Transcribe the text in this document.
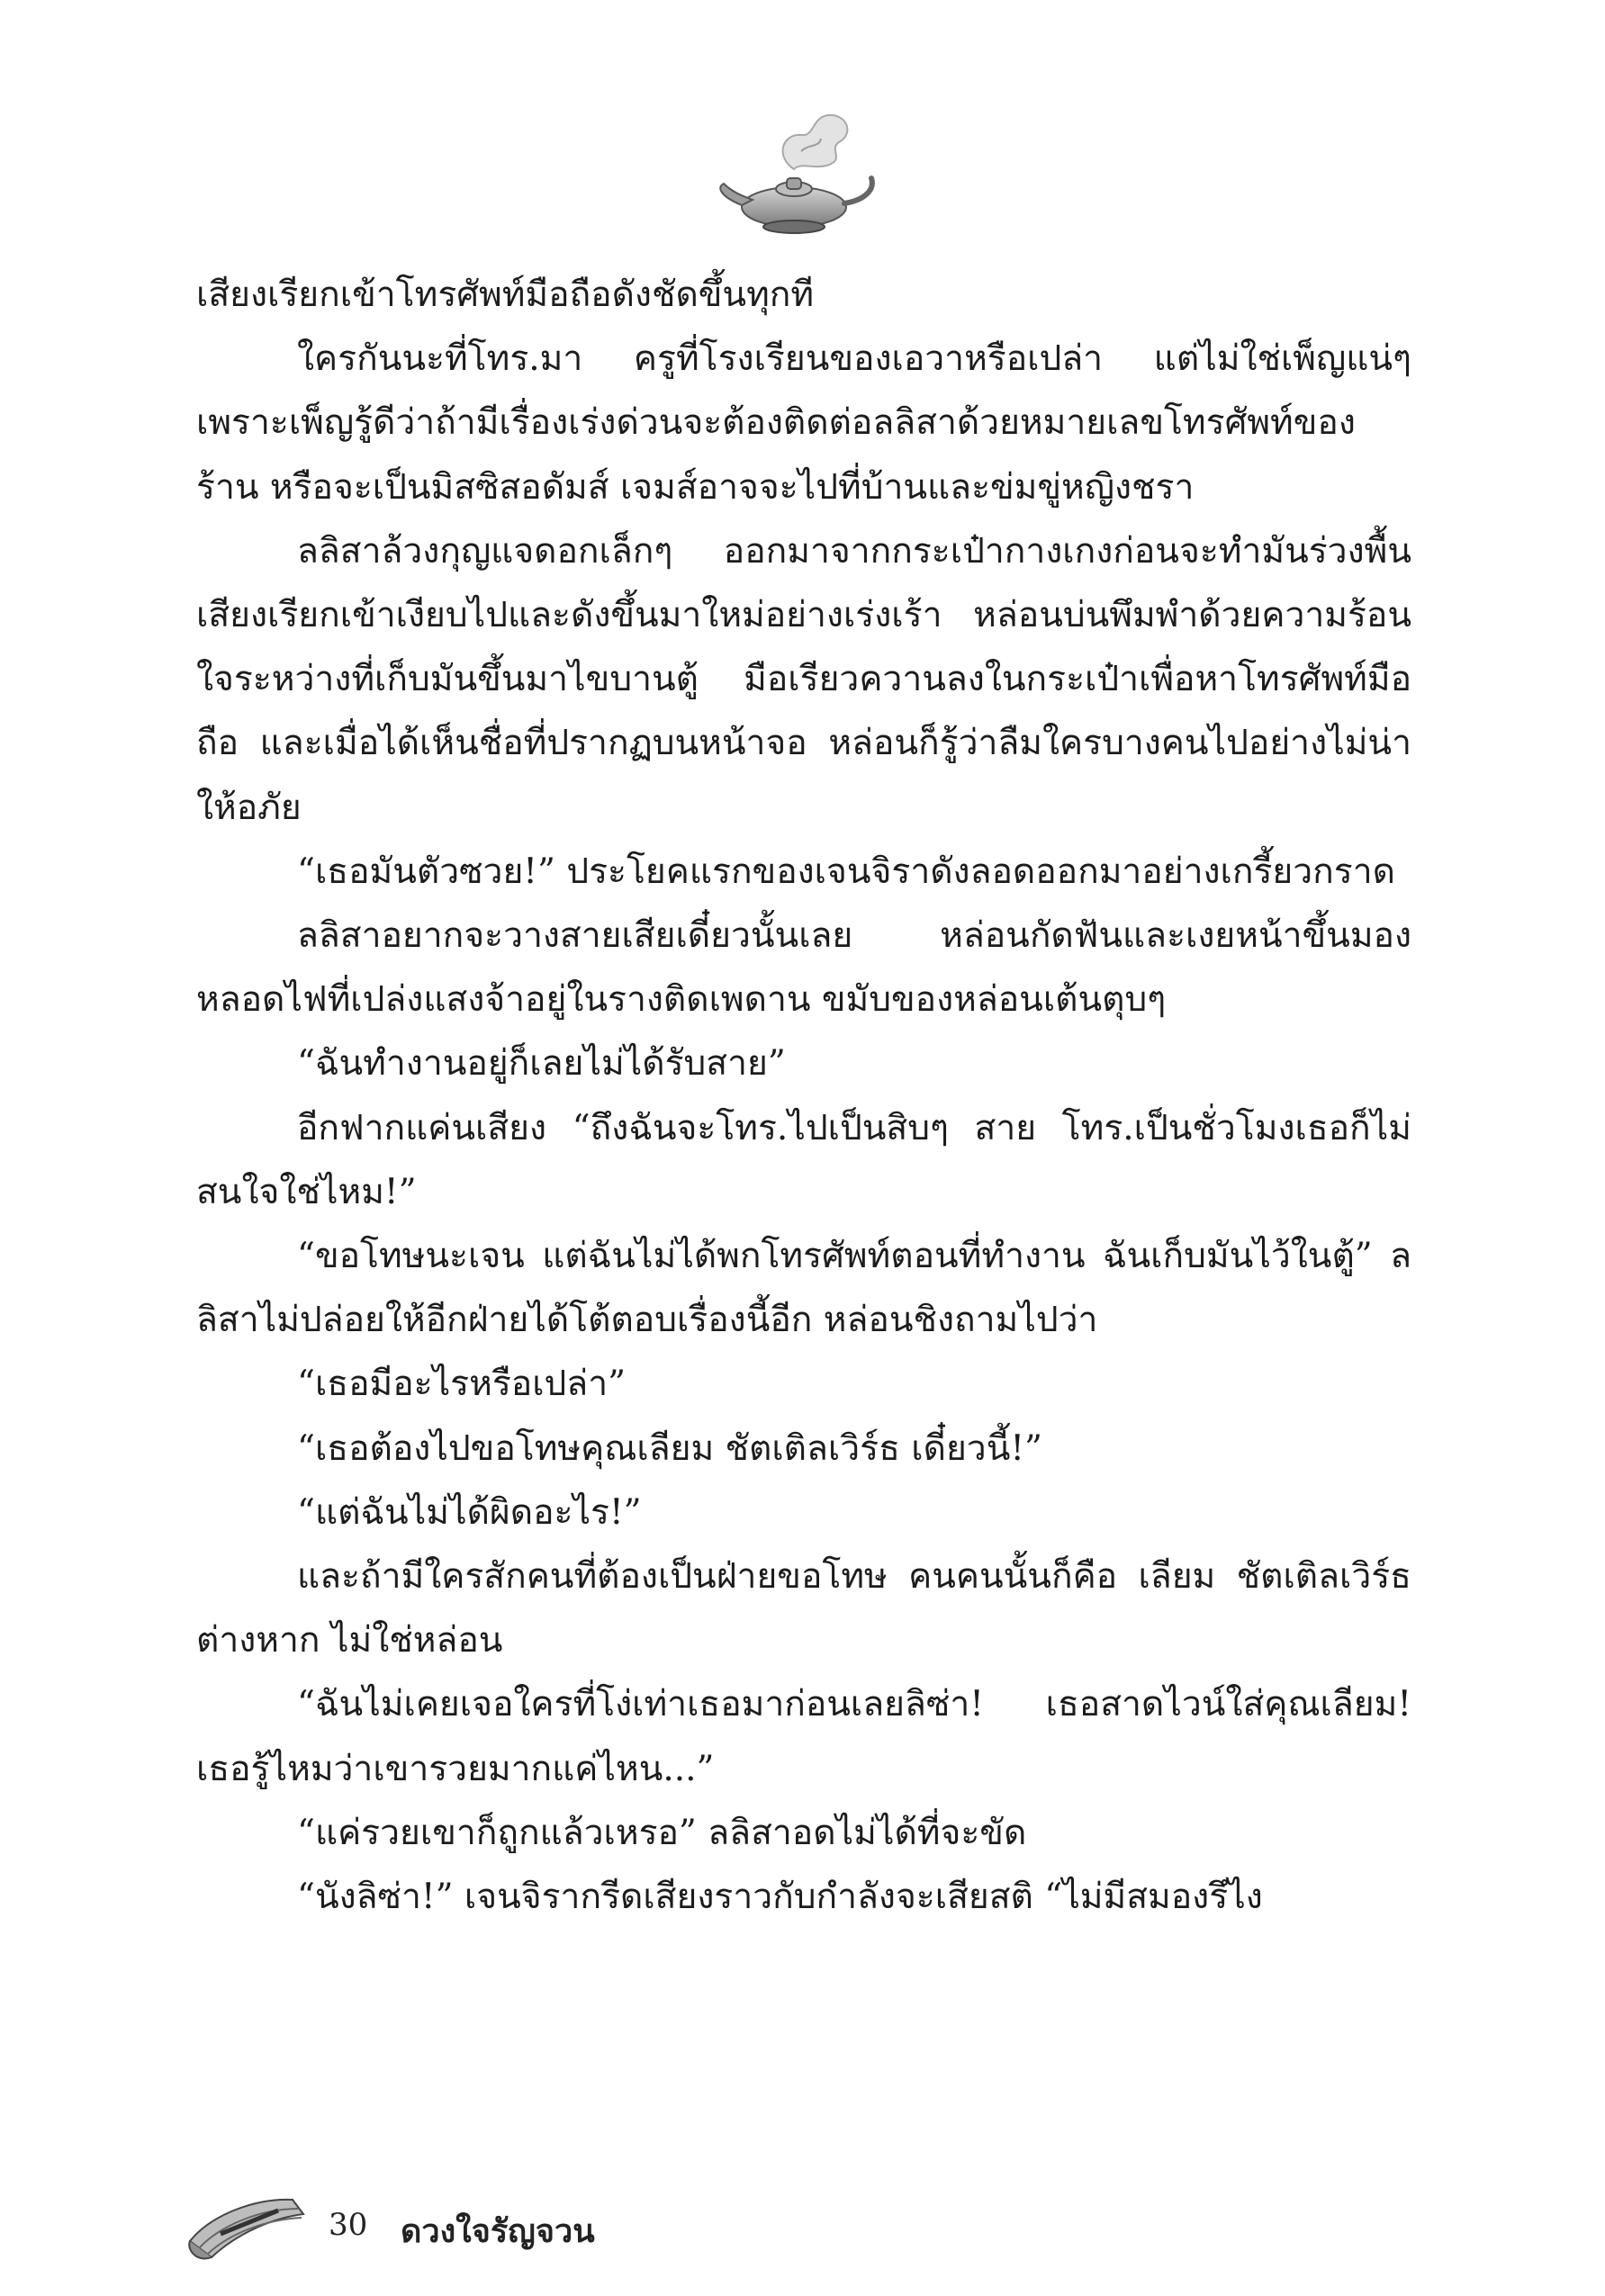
เสียงเรียกเข้าโทรศัพท์มือถือดังชัดขึ้นทุกที

ใครกันนะที่โทร.มา ครูที่โรงเรียนของเอวาหรือเปล่า แต่ไม่ใช่เพ็ญแน่ๆ เพราะเพ็ญรู้ดีว่าถ้ามีเรื่องเร่งด่วนจะต้องติดต่อลลิสาด้วยหมายเลขโทรศัพท์ของร้าน หรือจะเป็นมิสซิสอดัมส์ เจมส์อาจจะไปที่บ้านและข่มขู่หญิงชรา

ลลิสาล้วงกุญแจดอกเล็กๆ ออกมาจากกระเป๋ากางเกงก่อนจะทำมันร่วงพื้น เสียงเรียกเข้าเงียบไปและดังขึ้นมาใหม่อย่างเร่งเร้า หล่อนบ่นพึมพำด้วยความร้อนใจระหว่างที่เก็บมันขึ้นมาไขบานตู้ มือเรียวควานลงในกระเป๋าเพื่อหาโทรศัพท์มือถือ และเมื่อได้เห็นชื่อที่ปรากฏบนหน้าจอ หล่อนก็รู้ว่าลืมใครบางคนไปอย่างไม่น่าให้อภัย

“เธอมันตัวซวย!” ประโยคแรกของเจนจิราดังลอดออกมาอย่างเกรี้ยวกราด

ลลิสาอยากจะวางสายเสียเดี๋ยวนั้นเลย หล่อนกัดฟันและเงยหน้าขึ้นมองหลอดไฟที่เปล่งแสงจ้าอยู่ในรางติดเพดาน ขมับของหล่อนเต้นตุบๆ

“ฉันทำงานอยู่ก็เลยไม่ได้รับสาย”

อีกฟากแค่นเสียง “ถึงฉันจะโทร.ไปเป็นสิบๆ สาย โทร.เป็นชั่วโมงเธอก็ไม่สนใจใช่ไหม!”

“ขอโทษนะเจน แต่ฉันไม่ได้พกโทรศัพท์ตอนที่ทำงาน ฉันเก็บมันไว้ในตู้” ลลิสาไม่ปล่อยให้อีกฝ่ายได้โต้ตอบเรื่องนี้อีก หล่อนชิงถามไปว่า

“เธอมีอะไรหรือเปล่า”

“เธอต้องไปขอโทษคุณเลียม ชัตเติลเวิร์ธ เดี๋ยวนี้!”

“แต่ฉันไม่ได้ผิดอะไร!”

และถ้ามีใครสักคนที่ต้องเป็นฝ่ายขอโทษ คนคนนั้นก็คือ เลียม ชัตเติลเวิร์ธ ต่างหาก ไม่ใช่หล่อน

“ฉันไม่เคยเจอใครที่โง่เท่าเธอมาก่อนเลยลิซ่า! เธอสาดไวน์ใส่คุณเลียม! เธอรู้ไหมว่าเขารวยมากแค่ไหน...”

“แค่รวยเขาก็ถูกแล้วเหรอ” ลลิสาอดไม่ได้ที่จะขัด

“นังลิซ่า!” เจนจิรากรีดเสียงราวกับกำลังจะเสียสติ “ไม่มีสมองรึไง

30 ดวงใจรัญจวน
